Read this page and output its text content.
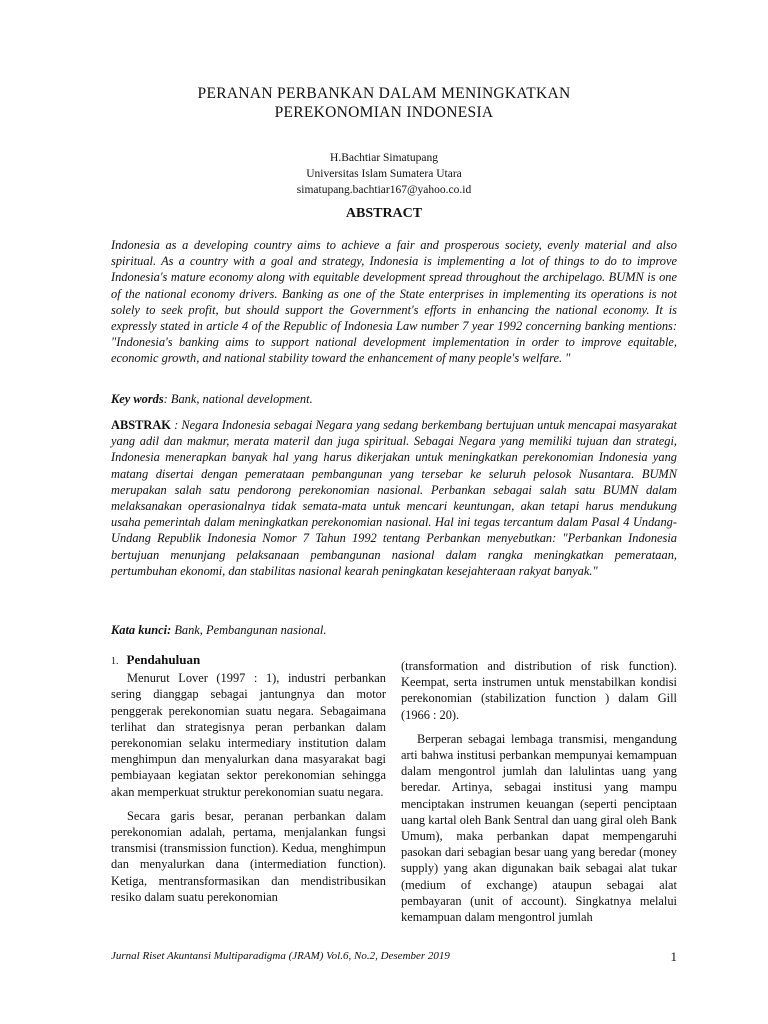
PERANAN PERBANKAN DALAM MENINGKATKAN
PEREKONOMIAN INDONESIA
H.Bachtiar Simatupang
Universitas Islam Sumatera Utara
simatupang.bachtiar167@yahoo.co.id
ABSTRACT
Indonesia as a developing country aims to achieve a fair and prosperous society, evenly material and also spiritual. As a country with a goal and strategy, Indonesia is implementing a lot of things to do to improve Indonesia's mature economy along with equitable development spread throughout the archipelago. BUMN is one of the national economy drivers. Banking as one of the State enterprises in implementing its operations is not solely to seek profit, but should support the Government's efforts in enhancing the national economy. It is expressly stated in article 4 of the Republic of Indonesia Law number 7 year 1992 concerning banking mentions: "Indonesia's banking aims to support national development implementation in order to improve equitable, economic growth, and national stability toward the enhancement of many people's welfare. "
Key words: Bank, national development.
ABSTRAK : Negara Indonesia sebagai Negara yang sedang berkembang bertujuan untuk mencapai masyarakat yang adil dan makmur, merata materil dan juga spiritual. Sebagai Negara yang memiliki tujuan dan strategi, Indonesia menerapkan banyak hal yang harus dikerjakan untuk meningkatkan perekonomian Indonesia yang matang disertai dengan pemerataan pembangunan yang tersebar ke seluruh pelosok Nusantara. BUMN merupakan salah satu pendorong perekonomian nasional. Perbankan sebagai salah satu BUMN dalam melaksanakan operasionalnya tidak semata-mata untuk mencari keuntungan, akan tetapi harus mendukung usaha pemerintah dalam meningkatkan perekonomian nasional. Hal ini tegas tercantum dalam Pasal 4 Undang-Undang Republik Indonesia Nomor 7 Tahun 1992 tentang Perbankan menyebutkan: "Perbankan Indonesia bertujuan menunjang pelaksanaan pembangunan nasional dalam rangka meningkatkan pemerataan, pertumbuhan ekonomi, dan stabilitas nasional kearah peningkatan kesejahteraan rakyat banyak."
Kata kunci: Bank, Pembangunan nasional.

1. Pendahuluan

Menurut Lover (1997 : 1), industri perbankan sering dianggap sebagai jantungnya dan motor penggerak perekonomian suatu negara. Sebagaimana terlihat dan strategisnya peran perbankan dalam perekonomian selaku intermediary institution dalam menghimpun dan menyalurkan dana masyarakat bagi pembiayaan kegiatan sektor perekonomian sehingga akan memperkuat struktur perekonomian suatu negara.

Secara garis besar, peranan perbankan dalam perekonomian adalah, pertama, menjalankan fungsi transmisi (transmission function). Kedua, menghimpun dan menyalurkan dana (intermediation function). Ketiga, mentransformasikan dan mendistribusikan resiko dalam suatu perekonomian

(transformation and distribution of risk function). Keempat, serta instrumen untuk menstabilkan kondisi perekonomian (stabilization function ) dalam Gill (1966 : 20).

Berperan sebagai lembaga transmisi, mengandung arti bahwa institusi perbankan mempunyai kemampuan dalam mengontrol jumlah dan lalulintas uang yang beredar. Artinya, sebagai institusi yang mampu menciptakan instrumen keuangan (seperti penciptaan uang kartal oleh Bank Sentral dan uang giral oleh Bank Umum), maka perbankan dapat mempengaruhi pasokan dari sebagian besar uang yang beredar (money supply) yang akan digunakan baik sebagai alat tukar (medium of exchange) ataupun sebagai alat pembayaran (unit of account). Singkatnya melalui kemampuan dalam mengontrol jumlah

Jurnal Riset Akuntansi Multiparadigma (JRAM) Vol.6, No.2, Desember 2019	1
